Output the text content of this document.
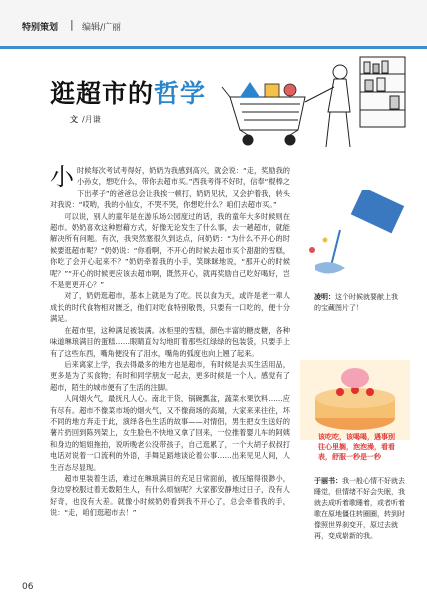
特别策划 | 编辑/广丽
逛超市的哲学
文 /月谦

小时候每次考试考得好，奶奶为我感到高兴，就会说：“走，奖励我的小孙女，想吃什么，带你去超市买。”西我考得不好时，信奉“棍棒之下出孝子”的爸爸总会让我挨一顿打，奶奶见状，又会护着我，转头对我说：“哎哟，我的小仙女，不哭不哭，你想吃什么？咱们去超市买。”

可以说，别人的童年是在游乐场公园度过的话，我的童年大多时候则在超市。奶奶喜欢这种慰藉方式，好像无论发生了什么事，去一趟超市，就能解决所有问题。有次，我突然塞很久到达点，问奶奶：“为什么不开心的时候要逛超市呢？”奶奶说：“你看啊，不开心的时候去超市买个甜甜的雪糕，你吃了会开心起来不？”奶奶牵着我的小手，笑眯眯地说，“那开心的时候呢？”“开心的时候更应该去超市啊，既然开心，就再奖励自己吃好喝好，岂不是更更开心？”

对了，奶奶逛超市，基本上就是为了吃。民以食为天，或许是老一辈人成长的时代食物相对匮乏，他们对吃食特别敬畏，只要有一口吃的，便十分满足。

在超市里，这种满足被装满。冰柜里的雪糕，颜色丰富的糖皮糖，各种味道琳琅满目的蛋糕……眼睛直勾勾地盯着那些红绿绿的包装袋，只要手上有了这些东西，嘴角便没有了泪水，嘴角的弧度也向上翘了起来。

后来离家上学，我去得最多的地方也是超市，有时候是去买生活用品，更多是为了买食物；有时和同学朋友一起去，更多时候是一个人。感觉有了超市，陌生的城市便有了生活的注脚。

人间烟火气，最抚凡人心。南北干货，锅碗瓢盆，蔬菜水果饮料……应有尽有。超市不像菜市场的烟火气，又不像商场的高端，大家来来往往，坏不同的地方奔走于此，演绎各色生活的故事——对情侣，男生把女生送好的薯片扔回到陈列架上，女生脸色不快地又拿了回来，一位推着婴儿车的阿姨和身边的姐姐拖拍，说听晚老公没带孩子，自己逛累了，一个大胡子叔叔打电话对说着一口流利的外语，手舞足蹈地谈论着公事……出来见见人间，人生百态尽显现。

超市里装着生活，难过在琳琅满目的充足日常面前，被压缩得很渺小，身边穿校服过着无数陌生人，有什么烦恼呢？大家都安静地过日子，没有人好奇，也没有大差。就像小时候奶奶看到我不开心了，总会牵着我的手，说：“走，咱们逛超市去！”

凌明：这个时候就要献上我的宝藏图片了！
该吃吃，该喝喝，遇事别往心里搁，泡泡澡，看看表，舒服一秒是一秒
于丽书：我一般心情不好就去睡觉，但情绪不好会失眠，我就去成听着歌睡着，或者听着歌在原地僵住转圈圈，转到时像照世界刹变开，原过去就再，变成崭新的我。
06
